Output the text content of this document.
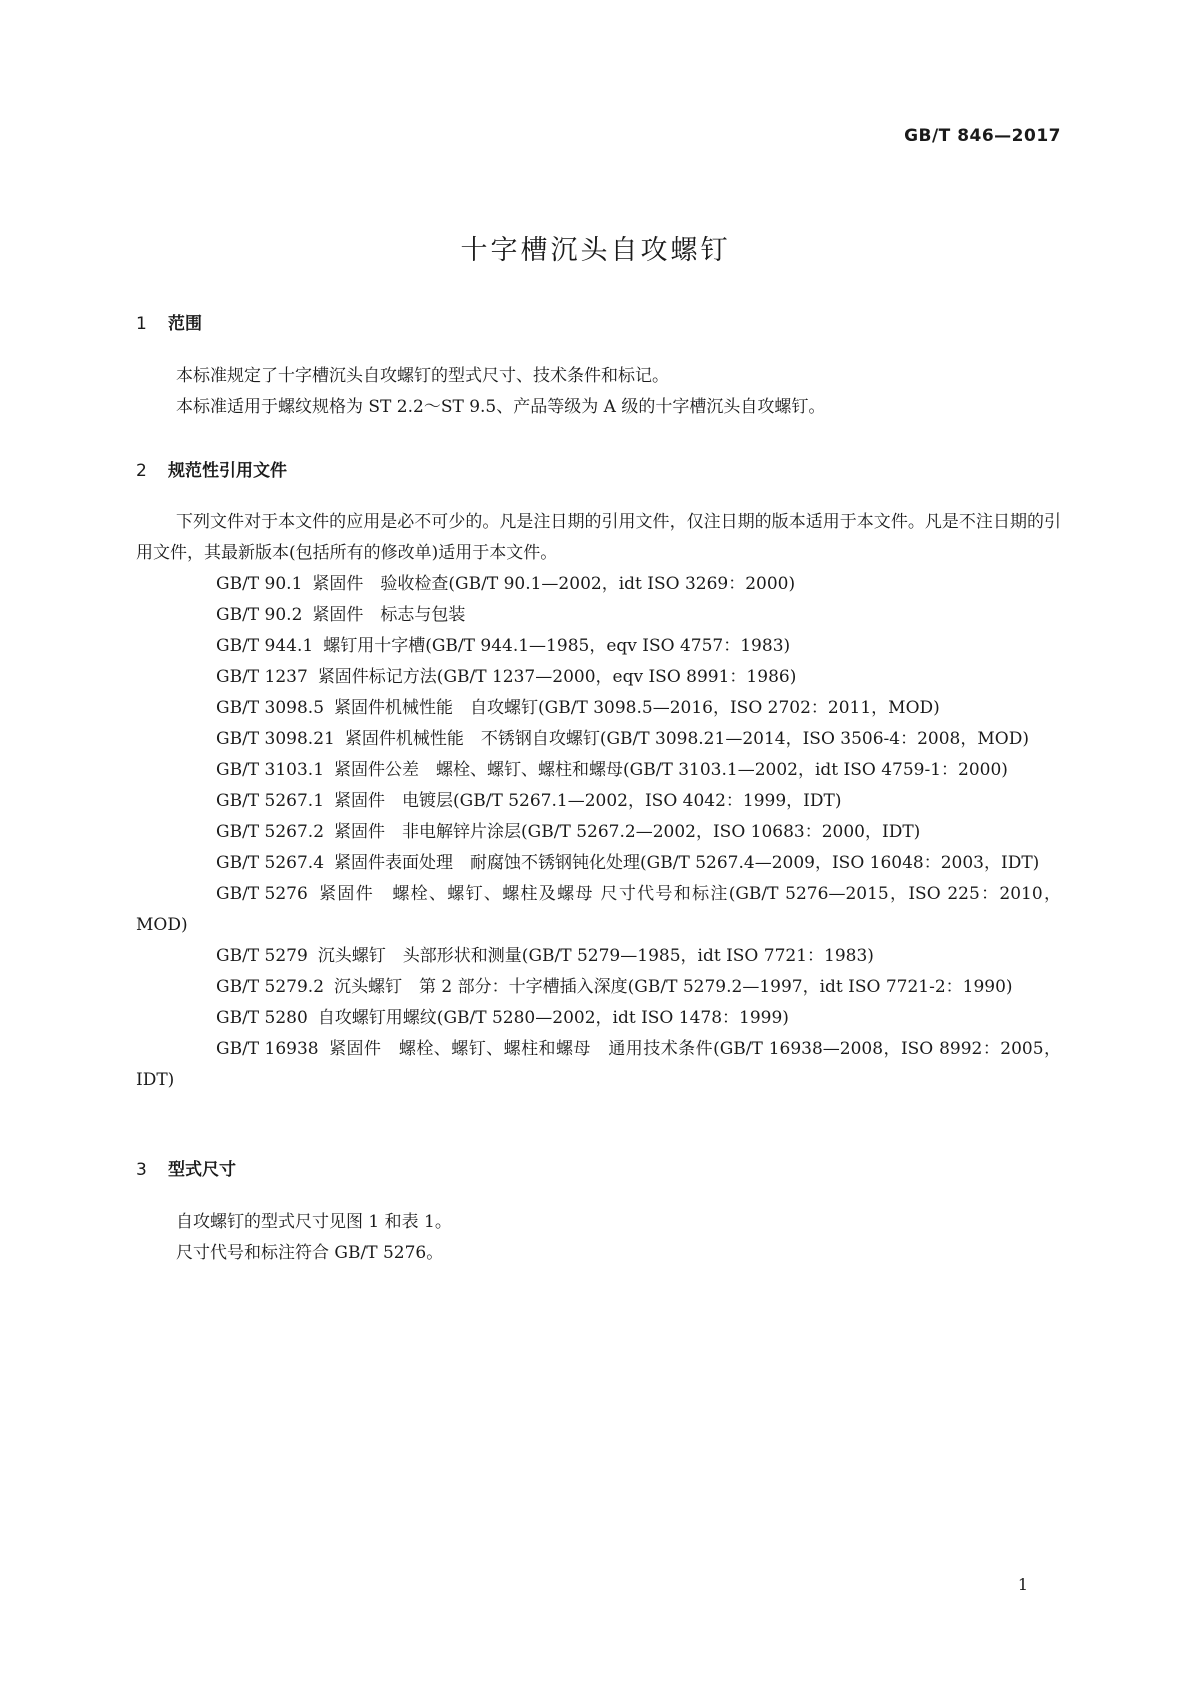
GB/T 846—2017
十字槽沉头自攻螺钉
1 范围

本标准规定了十字槽沉头自攻螺钉的型式尺寸、技术条件和标记。

本标准适用于螺纹规格为 ST 2.2～ST 9.5、产品等级为 A 级的十字槽沉头自攻螺钉。

2 规范性引用文件

下列文件对于本文件的应用是必不可少的。凡是注日期的引用文件，仅注日期的版本适用于本文件。凡是不注日期的引用文件，其最新版本(包括所有的修改单)适用于本文件。

GB/T 90.1 紧固件　验收检查(GB/T 90.1—2002，idt ISO 3269：2000)
GB/T 90.2 紧固件　标志与包装
GB/T 944.1 螺钉用十字槽(GB/T 944.1—1985，eqv ISO 4757：1983)
GB/T 1237 紧固件标记方法(GB/T 1237—2000，eqv ISO 8991：1986)
GB/T 3098.5 紧固件机械性能　自攻螺钉(GB/T 3098.5—2016，ISO 2702：2011，MOD)
GB/T 3098.21 紧固件机械性能　不锈钢自攻螺钉(GB/T 3098.21—2014，ISO 3506-4：2008，MOD)
GB/T 3103.1 紧固件公差　螺栓、螺钉、螺柱和螺母(GB/T 3103.1—2002，idt ISO 4759-1：2000)
GB/T 5267.1 紧固件　电镀层(GB/T 5267.1—2002，ISO 4042：1999，IDT)
GB/T 5267.2 紧固件　非电解锌片涂层(GB/T 5267.2—2002，ISO 10683：2000，IDT)
GB/T 5267.4 紧固件表面处理　耐腐蚀不锈钢钝化处理(GB/T 5267.4—2009，ISO 16048：2003，IDT)
GB/T 5276 紧固件　螺栓、螺钉、螺柱及螺母 尺寸代号和标注(GB/T 5276—2015，ISO 225：2010，MOD)
GB/T 5279 沉头螺钉　头部形状和测量(GB/T 5279—1985，idt ISO 7721：1983)
GB/T 5279.2 沉头螺钉　第 2 部分：十字槽插入深度(GB/T 5279.2—1997，idt ISO 7721-2：1990)
GB/T 5280 自攻螺钉用螺纹(GB/T 5280—2002，idt ISO 1478：1999)
GB/T 16938 紧固件　螺栓、螺钉、螺柱和螺母　通用技术条件(GB/T 16938—2008，ISO 8992：2005，IDT)
3 型式尺寸

自攻螺钉的型式尺寸见图 1 和表 1。

尺寸代号和标注符合 GB/T 5276。

1
